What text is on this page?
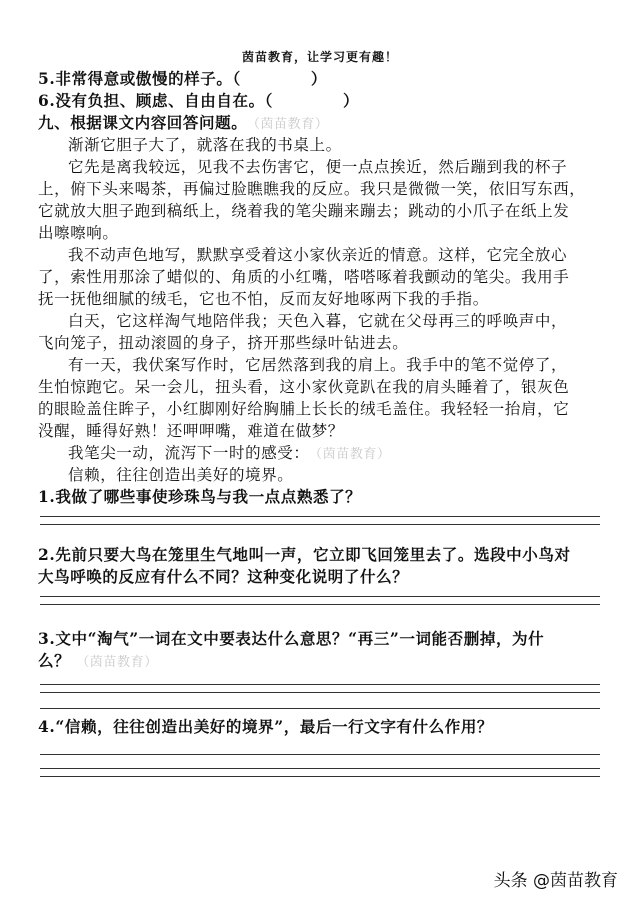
茵苗教育，让学习更有趣！
5.非常得意或傲慢的样子。（	）
6.没有负担、顾虑、自由自在。（	）
九、根据课文内容回答问题。 （茵苗教育）
渐渐它胆子大了，就落在我的书桌上。
它先是离我较远，见我不去伤害它，便一点点挨近，然后蹦到我的杯子
上，俯下头来喝茶，再偏过脸瞧瞧我的反应。我只是微微一笑，依旧写东西，
它就放大胆子跑到稿纸上，绕着我的笔尖蹦来蹦去；跳动的小爪子在纸上发
出嚓嚓响。
我不动声色地写，默默享受着这小家伙亲近的情意。这样，它完全放心
了，索性用那涂了蜡似的、角质的小红嘴，嗒嗒啄着我颤动的笔尖。我用手
抚一抚他细腻的绒毛，它也不怕，反而友好地啄两下我的手指。
白天，它这样淘气地陪伴我；天色入暮，它就在父母再三的呼唤声中，
飞向笼子，扭动滚圆的身子，挤开那些绿叶钻进去。
有一天，我伏案写作时，它居然落到我的肩上。我手中的笔不觉停了，
生怕惊跑它。呆一会儿，扭头看，这小家伙竟趴在我的肩头睡着了，银灰色
的眼睑盖住眸子，小红脚刚好给胸脯上长长的绒毛盖住。我轻轻一抬肩，它
没醒，睡得好熟！还呷呷嘴，难道在做梦？
我笔尖一动，流泻下一时的感受： （茵苗教育）
信赖，往往创造出美好的境界。
1.我做了哪些事使珍珠鸟与我一点点熟悉了？
2.先前只要大鸟在笼里生气地叫一声，它立即飞回笼里去了。选段中小鸟对
大鸟呼唤的反应有什么不同？这种变化说明了什么？
3.文中“淘气”一词在文中要表达什么意思？“再三”一词能否删掉，为什
么？ （茵苗教育）
4.“信赖，往往创造出美好的境界”，最后一行文字有什么作用？
头条 @茵苗教育
